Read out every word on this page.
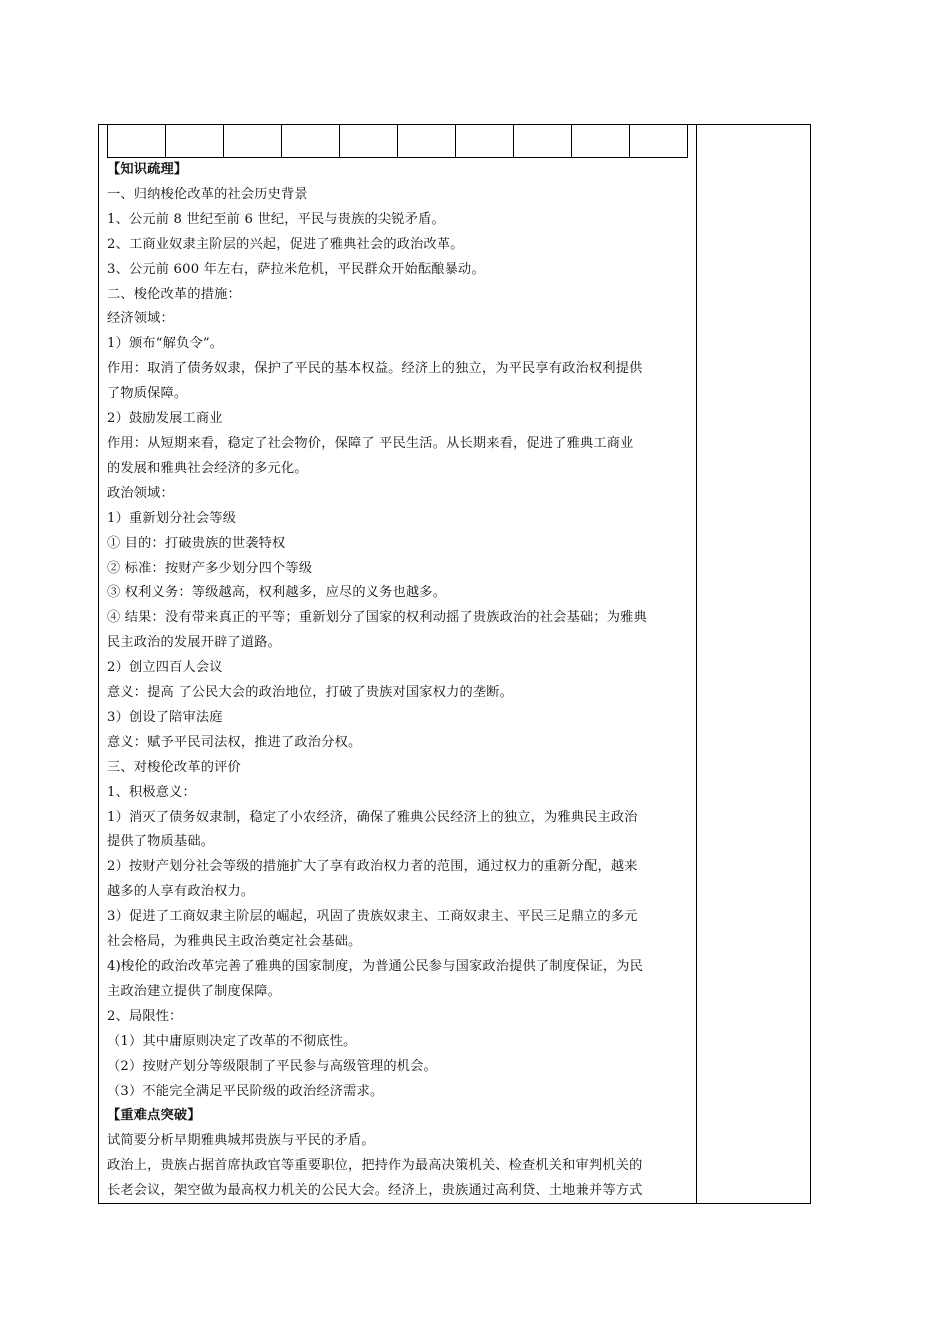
【知识疏理】

一、归纳梭伦改革的社会历史背景

1、公元前 8 世纪至前 6 世纪，平民与贵族的尖锐矛盾。

2、工商业奴隶主阶层的兴起，促进了雅典社会的政治改革。

3、公元前 600 年左右，萨拉米危机，平民群众开始酝酿暴动。

二、梭伦改革的措施：

经济领域：

1）颁布“解负令”。

作用：取消了债务奴隶，保护了平民的基本权益。经济上的独立，为平民享有政治权利提供

了物质保障。

2）鼓励发展工商业

作用：从短期来看，稳定了社会物价，保障了 平民生活。从长期来看，促进了雅典工商业

的发展和雅典社会经济的多元化。

政治领域：

1）重新划分社会等级

① 目的：打破贵族的世袭特权

② 标准：按财产多少划分四个等级

③ 权利义务：等级越高，权利越多，应尽的义务也越多。

④ 结果：没有带来真正的平等；重新划分了国家的权利动摇了贵族政治的社会基础；为雅典

民主政治的发展开辟了道路。

2）创立四百人会议

意义：提高 了公民大会的政治地位，打破了贵族对国家权力的垄断。

3）创设了陪审法庭

意义：赋予平民司法权，推进了政治分权。

三、对梭伦改革的评价

1、积极意义：

1）消灭了债务奴隶制，稳定了小农经济，确保了雅典公民经济上的独立，为雅典民主政治

提供了物质基础。

2）按财产划分社会等级的措施扩大了享有政治权力者的范围，通过权力的重新分配，越来

越多的人享有政治权力。

3）促进了工商奴隶主阶层的崛起，巩固了贵族奴隶主、工商奴隶主、平民三足鼎立的多元

社会格局，为雅典民主政治奠定社会基础。

4)梭伦的政治改革完善了雅典的国家制度，为普通公民参与国家政治提供了制度保证，为民

主政治建立提供了制度保障。

2、局限性：

（1）其中庸原则决定了改革的不彻底性。

（2）按财产划分等级限制了平民参与高级管理的机会。

（3）不能完全满足平民阶级的政治经济需求。

【重难点突破】

试简要分析早期雅典城邦贵族与平民的矛盾。

政治上，贵族占据首席执政官等重要职位，把持作为最高决策机关、检查机关和审判机关的

长老会议，架空做为最高权力机关的公民大会。经济上，贵族通过高利贷、土地兼并等方式
